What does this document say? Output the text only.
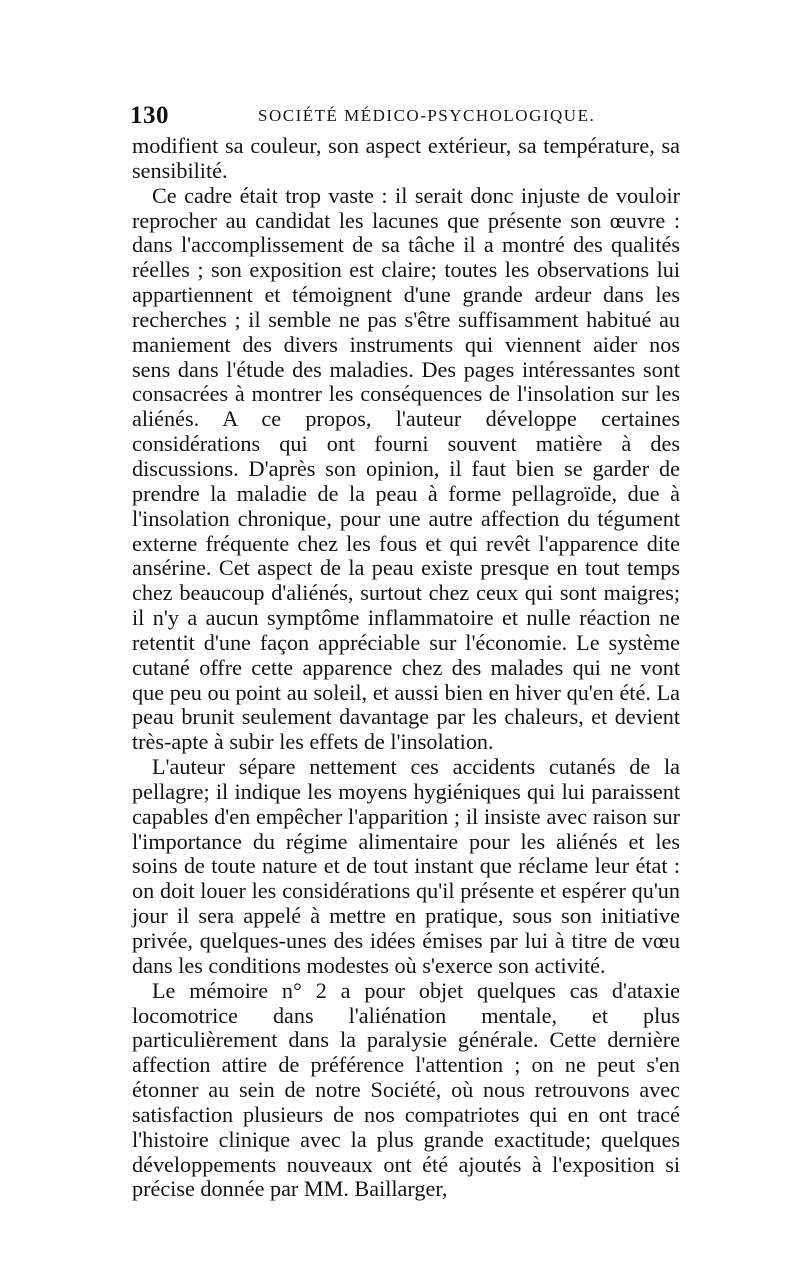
130	SOCIÉTÉ MÉDICO-PSYCHOLOGIQUE.

modifient sa couleur, son aspect extérieur, sa température, sa sensibilité.

Ce cadre était trop vaste : il serait donc injuste de vouloir reprocher au candidat les lacunes que présente son œuvre : dans l'accomplissement de sa tâche il a montré des qualités réelles ; son exposition est claire; toutes les observations lui appartiennent et témoignent d'une grande ardeur dans les recherches ; il semble ne pas s'être suffisamment habitué au maniement des divers instruments qui viennent aider nos sens dans l'étude des maladies. Des pages intéressantes sont consacrées à montrer les conséquences de l'insolation sur les aliénés. A ce propos, l'auteur développe certaines considérations qui ont fourni souvent matière à des discussions. D'après son opinion, il faut bien se garder de prendre la maladie de la peau à forme pellagroïde, due à l'insolation chronique, pour une autre affection du tégument externe fréquente chez les fous et qui revêt l'apparence dite ansérine. Cet aspect de la peau existe presque en tout temps chez beaucoup d'aliénés, surtout chez ceux qui sont maigres; il n'y a aucun symptôme inflammatoire et nulle réaction ne retentit d'une façon appréciable sur l'économie. Le système cutané offre cette apparence chez des malades qui ne vont que peu ou point au soleil, et aussi bien en hiver qu'en été. La peau brunit seulement davantage par les chaleurs, et devient très-apte à subir les effets de l'insolation.

L'auteur sépare nettement ces accidents cutanés de la pellagre; il indique les moyens hygiéniques qui lui paraissent capables d'en empêcher l'apparition ; il insiste avec raison sur l'importance du régime alimentaire pour les aliénés et les soins de toute nature et de tout instant que réclame leur état : on doit louer les considérations qu'il présente et espérer qu'un jour il sera appelé à mettre en pratique, sous son initiative privée, quelques-unes des idées émises par lui à titre de vœu dans les conditions modestes où s'exerce son activité.

Le mémoire n° 2 a pour objet quelques cas d'ataxie locomotrice dans l'aliénation mentale, et plus particulièrement dans la paralysie générale. Cette dernière affection attire de préférence l'attention ; on ne peut s'en étonner au sein de notre Société, où nous retrouvons avec satisfaction plusieurs de nos compatriotes qui en ont tracé l'histoire clinique avec la plus grande exactitude; quelques développements nouveaux ont été ajoutés à l'exposition si précise donnée par MM. Baillarger,
